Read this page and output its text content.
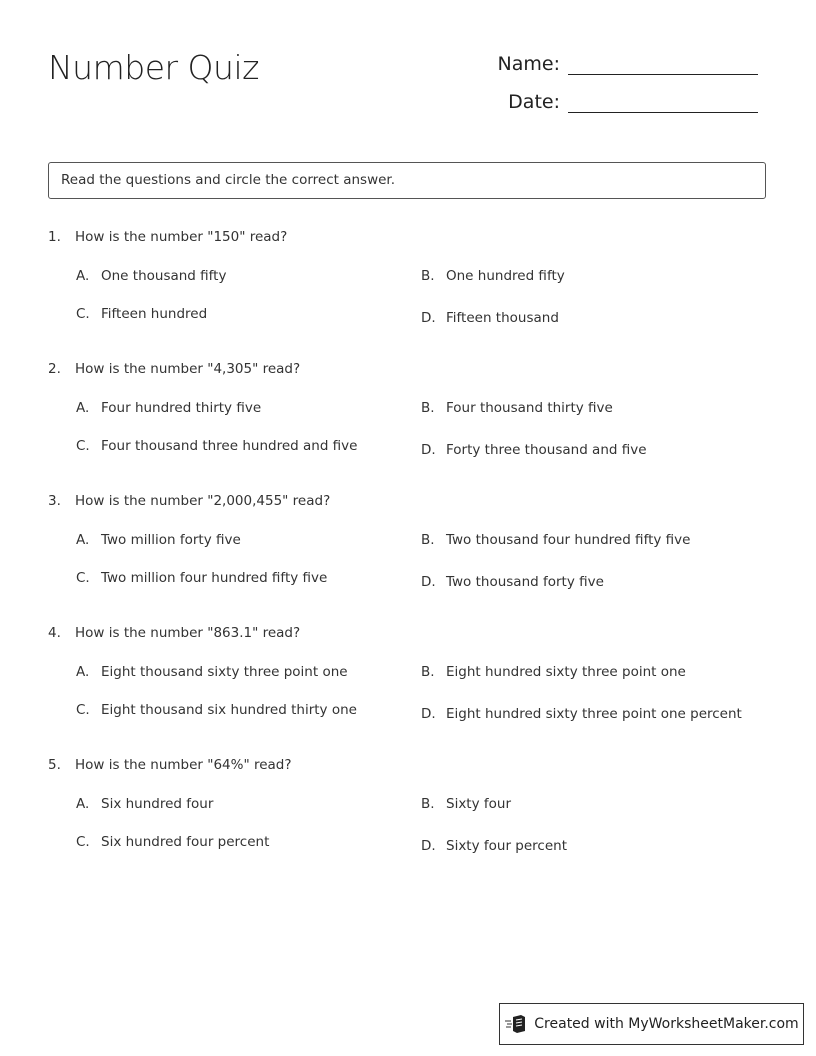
Number Quiz	Name:
Date:
Read the questions and circle the correct answer.
1. How is the number "150" read?
A. One thousand fifty	B. One hundred fifty
C. Fifteen hundred	D. Fifteen thousand
2. How is the number "4,305" read?
A. Four hundred thirty five	B. Four thousand thirty five
C. Four thousand three hundred and five	D. Forty three thousand and five
3. How is the number "2,000,455" read?
A. Two million forty five	B. Two thousand four hundred fifty five
C. Two million four hundred fifty five	D. Two thousand forty five
4. How is the number "863.1" read?
A. Eight thousand sixty three point one	B. Eight hundred sixty three point one
C. Eight thousand six hundred thirty one	D. Eight hundred sixty three point one percent
5. How is the number "64%" read?
A. Six hundred four	B. Sixty four
C. Six hundred four percent	D. Sixty four percent
Created with MyWorksheetMaker.com
